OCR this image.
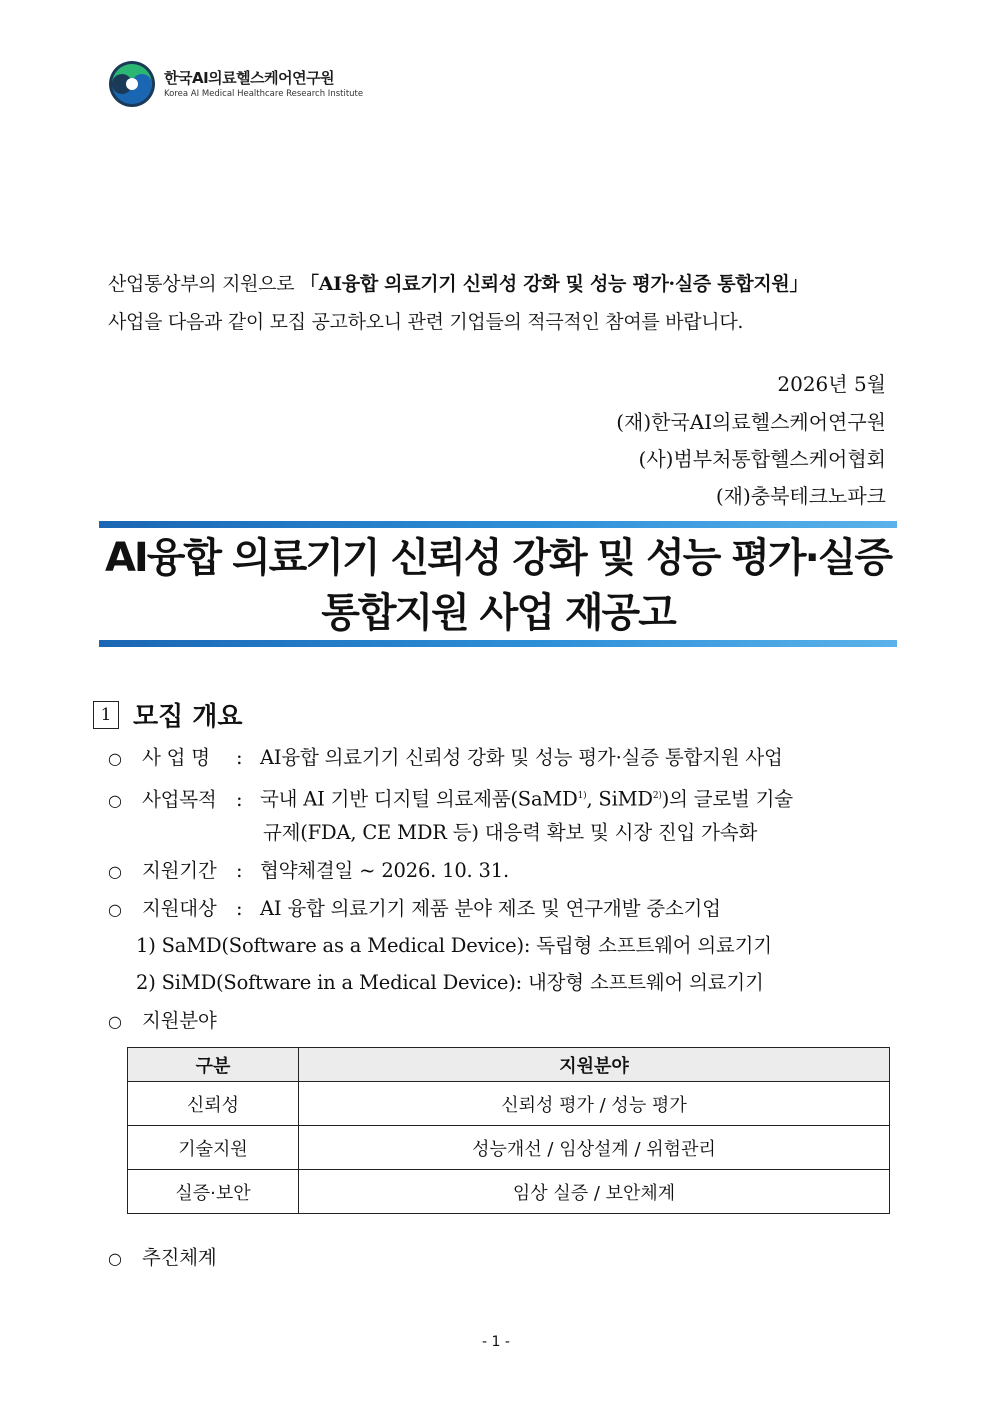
한국AI의료헬스케어연구원
Korea AI Medical Healthcare Research Institute
산업통상부의 지원으로 「AI융합 의료기기 신뢰성 강화 및 성능 평가·실증 통합지원」
사업을 다음과 같이 모집 공고하오니 관련 기업들의 적극적인 참여를 바랍니다.
2026년 5월
(재)한국AI의료헬스케어연구원
(사)범부처통합헬스케어협회
(재)충북테크노파크
AI융합 의료기기 신뢰성 강화 및 성능 평가·실증
통합지원 사업 재공고
1 모집 개요
○ 사 업 명 : AI융합 의료기기 신뢰성 강화 및 성능 평가·실증 통합지원 사업
○ 사업목적 : 국내 AI 기반 디지털 의료제품(SaMD$^{1)}$, SiMD$^{2)}$)의 글로벌 기술
규제(FDA, CE MDR 등) 대응력 확보 및 시장 진입 가속화
○ 지원기간 : 협약체결일 ~ 2026. 10. 31.
○ 지원대상 : AI 융합 의료기기 제품 분야 제조 및 연구개발 중소기업
1) SaMD(Software as a Medical Device): 독립형 소프트웨어 의료기기
2) SiMD(Software in a Medical Device): 내장형 소프트웨어 의료기기
○ 지원분야
구분	지원분야
신뢰성	신뢰성 평가 / 성능 평가
기술지원	성능개선 / 임상설계 / 위험관리
실증·보안	임상 실증 / 보안체계
○ 추진체계
- 1 -
